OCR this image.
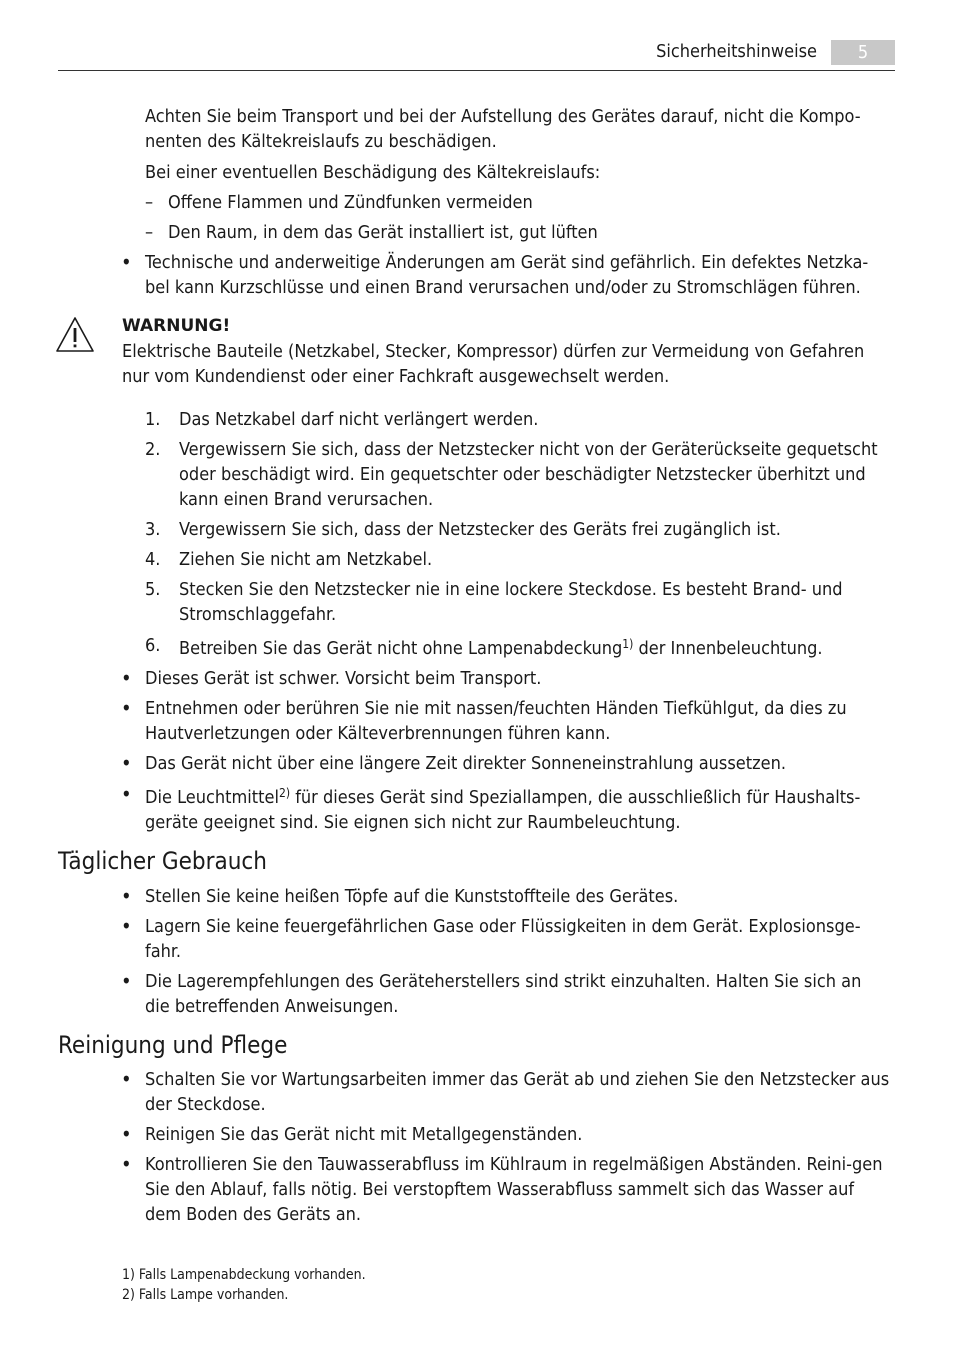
Sicherheitshinweise	5

Achten Sie beim Transport und bei der Aufstellung des Gerätes darauf, nicht die Kompo-nenten des Kältekreislaufs zu beschädigen.

Bei einer eventuellen Beschädigung des Kältekreislaufs:

– Offene Flammen und Zündfunken vermeiden
– Den Raum, in dem das Gerät installiert ist, gut lüften
• Technische und anderweitige Änderungen am Gerät sind gefährlich. Ein defektes Netzka-bel kann Kurzschlüsse und einen Brand verursachen und/oder zu Stromschlägen führen.
WARNUNG!
Elektrische Bauteile (Netzkabel, Stecker, Kompressor) dürfen zur Vermeidung von Gefahren nur vom Kundendienst oder einer Fachkraft ausgewechselt werden.
1. Das Netzkabel darf nicht verlängert werden.
2. Vergewissern Sie sich, dass der Netzstecker nicht von der Geräterückseite gequetscht oder beschädigt wird. Ein gequetschter oder beschädigter Netzstecker überhitzt und kann einen Brand verursachen.
3. Vergewissern Sie sich, dass der Netzstecker des Geräts frei zugänglich ist.
4. Ziehen Sie nicht am Netzkabel.
5. Stecken Sie den Netzstecker nie in eine lockere Steckdose. Es besteht Brand- und Stromschlaggefahr.
6. Betreiben Sie das Gerät nicht ohne Lampenabdeckung$^{1)}$ der Innenbeleuchtung.
• Dieses Gerät ist schwer. Vorsicht beim Transport.
• Entnehmen oder berühren Sie nie mit nassen/feuchten Händen Tiefkühlgut, da dies zu Hautverletzungen oder Kälteverbrennungen führen kann.
• Das Gerät nicht über eine längere Zeit direkter Sonneneinstrahlung aussetzen.
• Die Leuchtmittel$^{2)}$ für dieses Gerät sind Speziallampen, die ausschließlich für Haushalts-geräte geeignet sind. Sie eignen sich nicht zur Raumbeleuchtung.
Täglicher Gebrauch
• Stellen Sie keine heißen Töpfe auf die Kunststoffteile des Gerätes.
• Lagern Sie keine feuergefährlichen Gase oder Flüssigkeiten in dem Gerät. Explosionsge-fahr.
• Die Lagerempfehlungen des Geräteherstellers sind strikt einzuhalten. Halten Sie sich an die betreffenden Anweisungen.
Reinigung und Pflege
• Schalten Sie vor Wartungsarbeiten immer das Gerät ab und ziehen Sie den Netzstecker aus der Steckdose.
• Reinigen Sie das Gerät nicht mit Metallgegenständen.
• Kontrollieren Sie den Tauwasserabfluss im Kühlraum in regelmäßigen Abständen. Reini-gen Sie den Ablauf, falls nötig. Bei verstopftem Wasserabfluss sammelt sich das Wasser auf dem Boden des Geräts an.
1) Falls Lampenabdeckung vorhanden.
2) Falls Lampe vorhanden.
